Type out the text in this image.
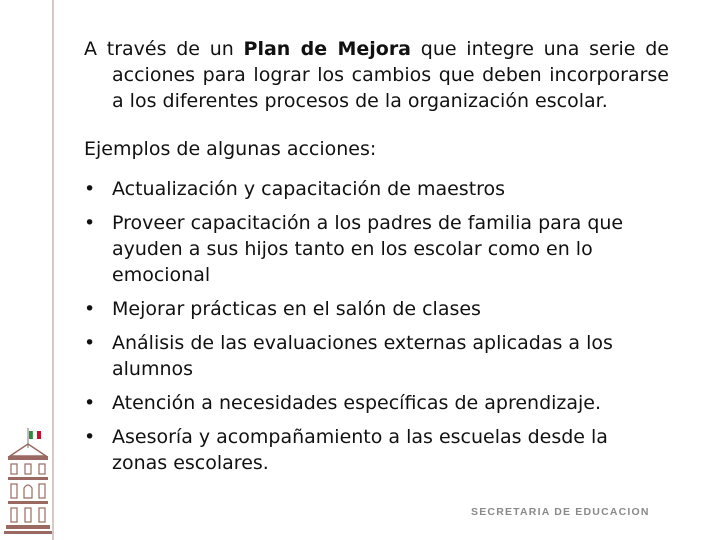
A través de un Plan de Mejora que integre una serie de acciones para lograr los cambios que deben incorporarse a los diferentes procesos de la organización escolar.

Ejemplos de algunas acciones:

• Actualización y capacitación de maestros
• Proveer capacitación a los padres de familia para que ayuden a sus hijos tanto en los escolar como en lo emocional
• Mejorar prácticas en el salón de clases
• Análisis de las evaluaciones externas aplicadas a los alumnos
• Atención a necesidades específicas de aprendizaje.
• Asesoría y acompañamiento a las escuelas desde la zonas escolares.
SECRETARIA DE EDUCACION
